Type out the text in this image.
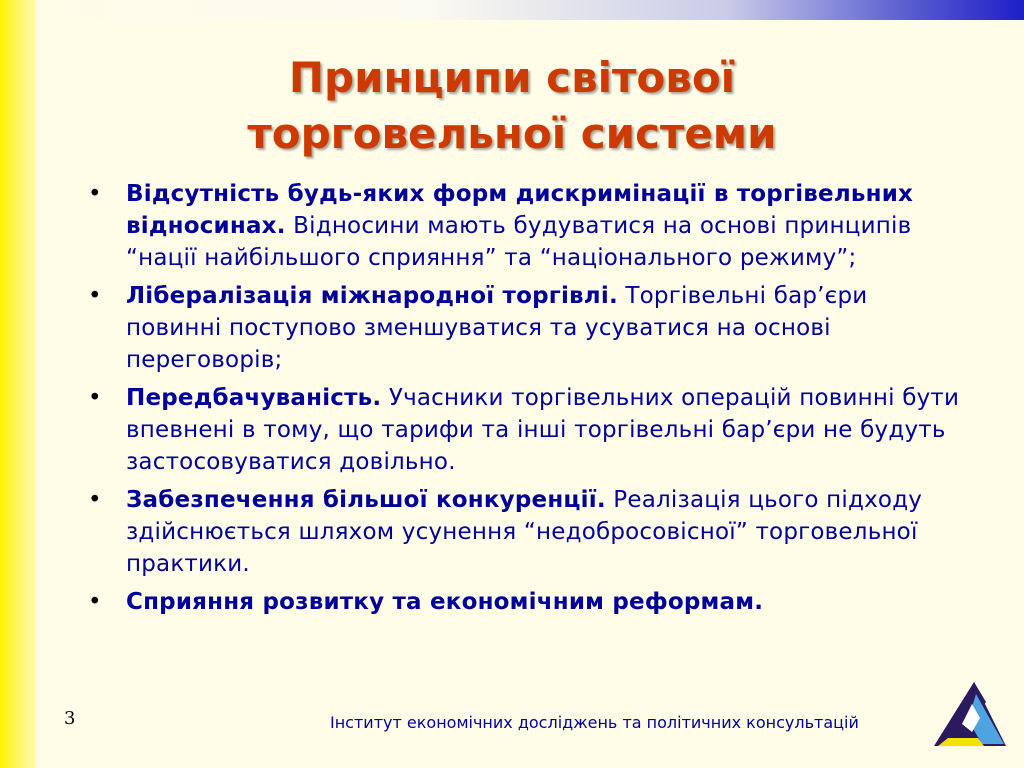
Принципи світової
торговельної системи
• Відсутність будь-яких форм дискримінації в торгівельних відносинах. Відносини мають будуватися на основі принципів “нації найбільшого сприяння” та “національного режиму”;
• Лібералізація міжнародної торгівлі. Торгівельні бар’єри повинні поступово зменшуватися та усуватися на основі переговорів;
• Передбачуваність. Учасники торгівельних операцій повинні бути впевнені в тому, що тарифи та інші торгівельні бар’єри не будуть застосовуватися довільно.
• Забезпечення більшої конкуренції. Реалізація цього підходу здійснюється шляхом усунення “недобросовісної” торговельної практики.
• Сприяння розвитку та економічним реформам.
3	Інститут економічних досліджень та політичних консультацій
